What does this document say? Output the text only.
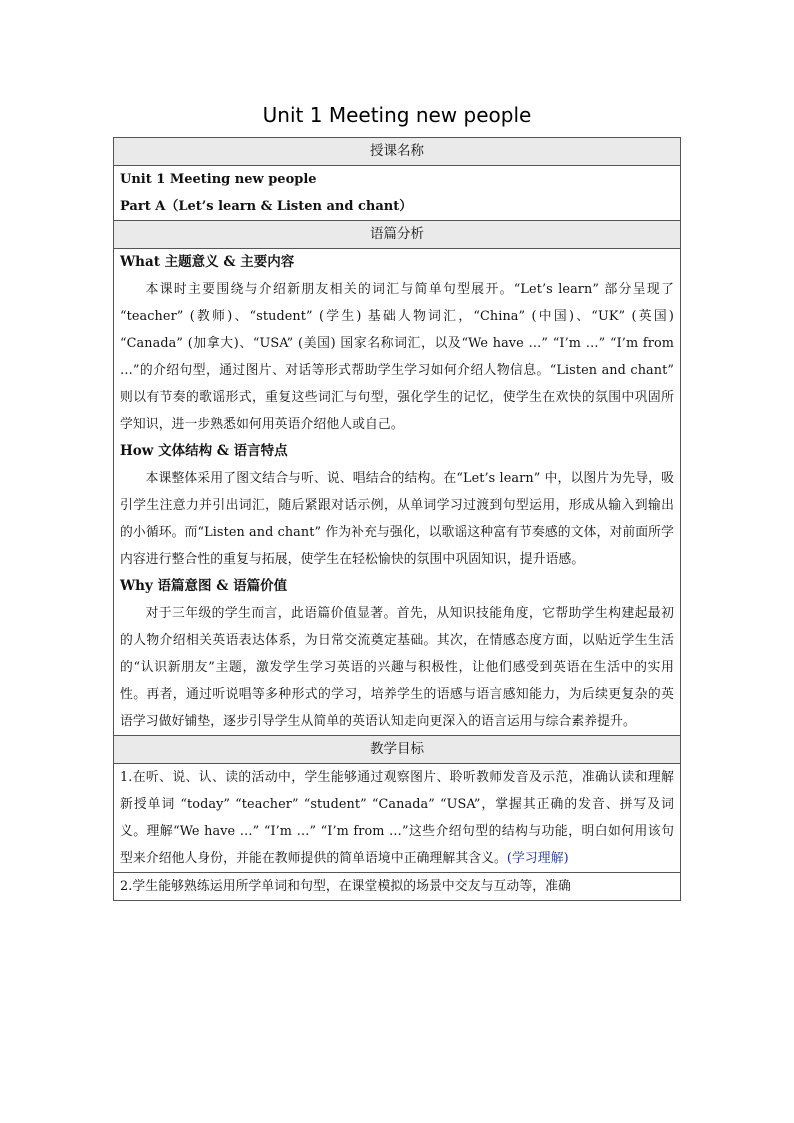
Unit 1 Meeting new people
授课名称

Unit 1 Meeting new people
Part A（Let’s learn & Listen and chant）

语篇分析

What 主题意义 & 主要内容
本课时主要围绕与介绍新朋友相关的词汇与简单句型展开。“Let’s learn” 部分呈现了 “teacher” (教师)、“student” (学生) 基础人物词汇，“China” (中国)、“UK” (英国) “Canada” (加拿大)、“USA” (美国) 国家名称词汇，以及“We have …” “I’m …” “I’m from …”的介绍句型，通过图片、对话等形式帮助学生学习如何介绍人物信息。“Listen and chant” 则以有节奏的歌谣形式，重复这些词汇与句型，强化学生的记忆，使学生在欢快的氛围中巩固所学知识，进一步熟悉如何用英语介绍他人或自己。
How 文体结构 & 语言特点
本课整体采用了图文结合与听、说、唱结合的结构。在“Let’s learn” 中，以图片为先导，吸引学生注意力并引出词汇，随后紧跟对话示例，从单词学习过渡到句型运用，形成从输入到输出的小循环。而“Listen and chant” 作为补充与强化，以歌谣这种富有节奏感的文体，对前面所学内容进行整合性的重复与拓展，使学生在轻松愉快的氛围中巩固知识，提升语感。
Why 语篇意图 & 语篇价值
对于三年级的学生而言，此语篇价值显著。首先，从知识技能角度，它帮助学生构建起最初的人物介绍相关英语表达体系，为日常交流奠定基础。其次，在情感态度方面，以贴近学生生活的“认识新朋友”主题，激发学生学习英语的兴趣与积极性，让他们感受到英语在生活中的实用性。再者，通过听说唱等多种形式的学习，培养学生的语感与语言感知能力，为后续更复杂的英语学习做好铺垫，逐步引导学生从简单的英语认知走向更深入的语言运用与综合素养提升。

教学目标

1.在听、说、认、读的活动中，学生能够通过观察图片、聆听教师发音及示范，准确认读和理解新授单词 “today” “teacher” “student” “Canada” “USA”，掌握其正确的发音、拼写及词义。理解“We have …” “I’m …” “I’m from …”这些介绍句型的结构与功能，明白如何用该句型来介绍他人身份，并能在教师提供的简单语境中正确理解其含义。(学习理解)

2.学生能够熟练运用所学单词和句型，在课堂模拟的场景中交友与互动等，准确
